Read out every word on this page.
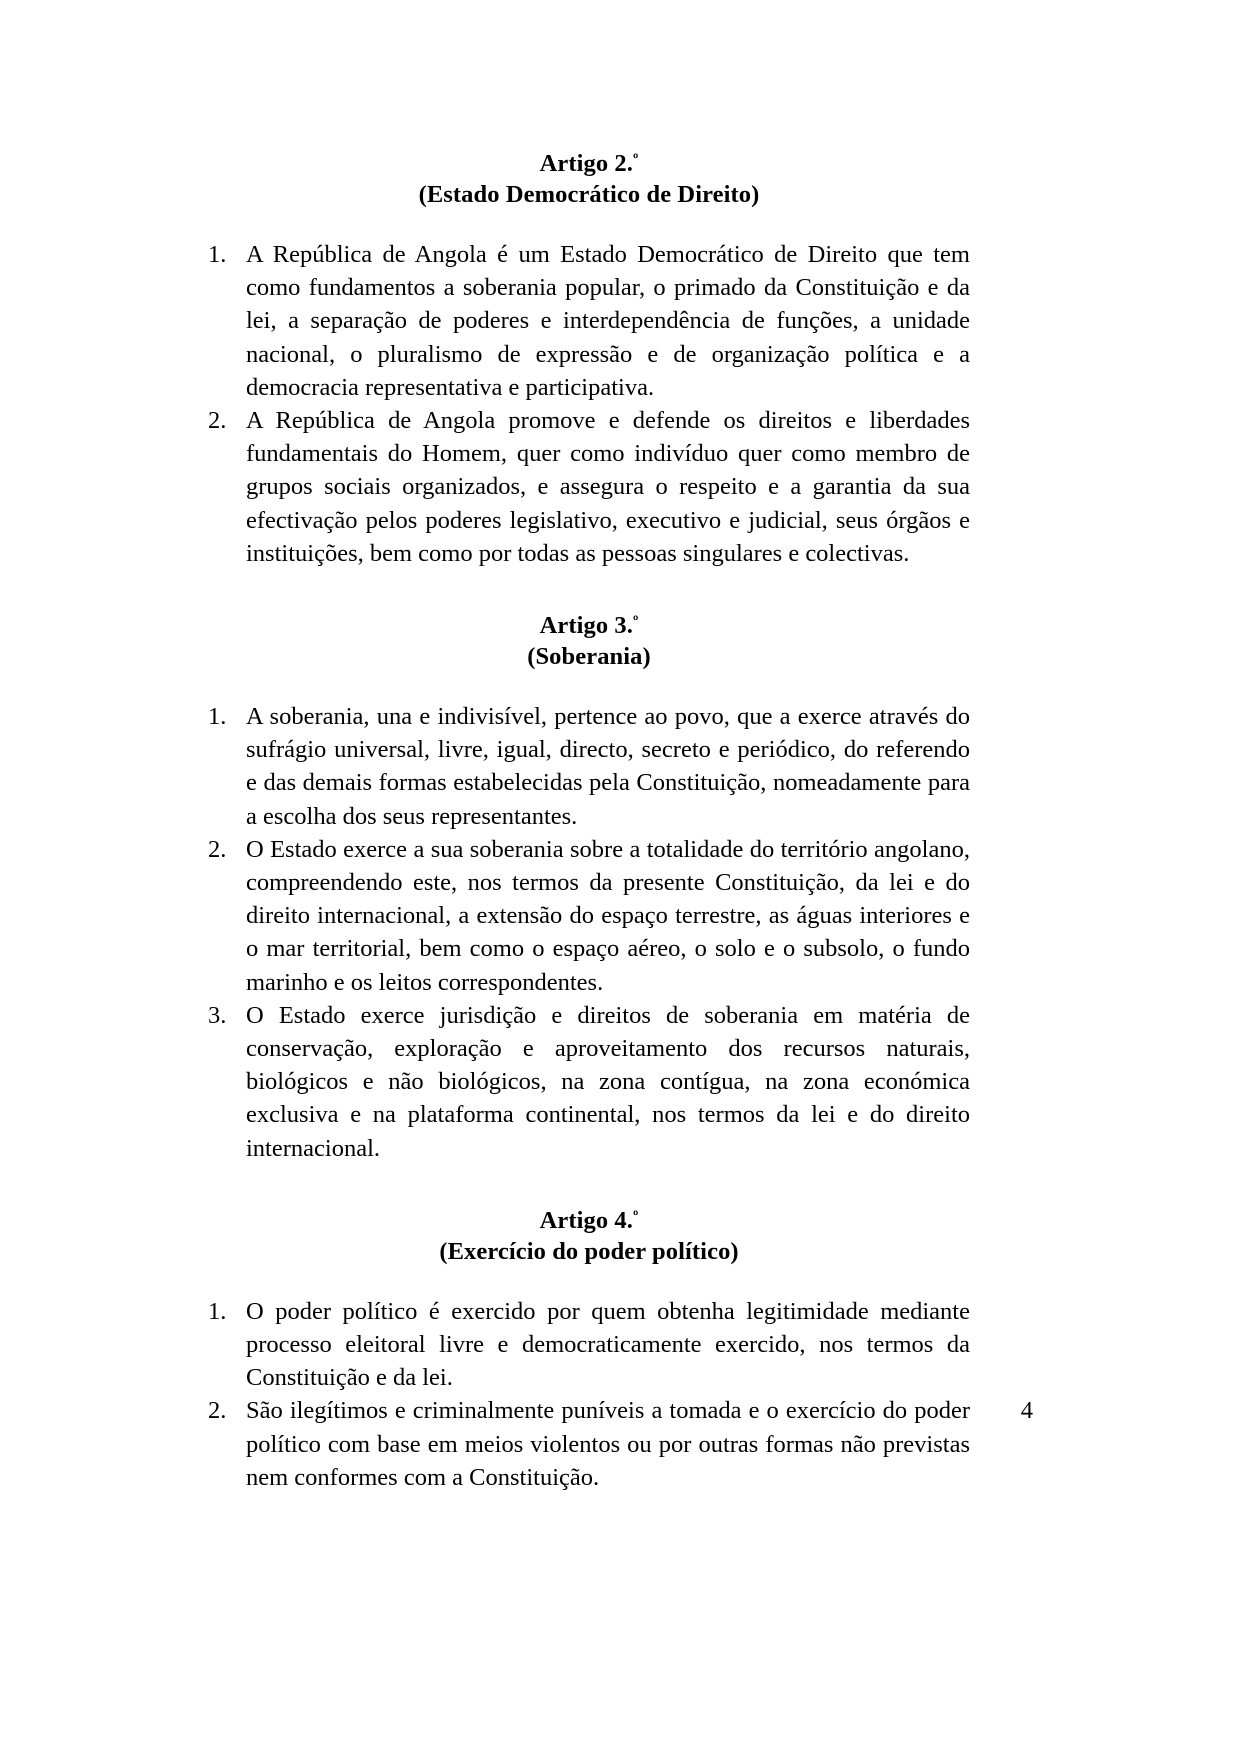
Artigo 2.$^º$
(Estado Democrático de Direito)
1. A República de Angola é um Estado Democrático de Direito que tem como fundamentos a soberania popular, o primado da Constituição e da lei, a separação de poderes e interdependência de funções, a unidade nacional, o pluralismo de expressão e de organização política e a democracia representativa e participativa.
2. A República de Angola promove e defende os direitos e liberdades fundamentais do Homem, quer como indivíduo quer como membro de grupos sociais organizados, e assegura o respeito e a garantia da sua efectivação pelos poderes legislativo, executivo e judicial, seus órgãos e instituições, bem como por todas as pessoas singulares e colectivas.
Artigo 3.$^º$
(Soberania)
1. A soberania, una e indivisível, pertence ao povo, que a exerce através do sufrágio universal, livre, igual, directo, secreto e periódico, do referendo e das demais formas estabelecidas pela Constituição, nomeadamente para a escolha dos seus representantes.
2. O Estado exerce a sua soberania sobre a totalidade do território angolano, compreendendo este, nos termos da presente Constituição, da lei e do direito internacional, a extensão do espaço terrestre, as águas interiores e o mar territorial, bem como o espaço aéreo, o solo e o subsolo, o fundo marinho e os leitos correspondentes.
3. O Estado exerce jurisdição e direitos de soberania em matéria de conservação, exploração e aproveitamento dos recursos naturais, biológicos e não biológicos, na zona contígua, na zona económica exclusiva e na plataforma continental, nos termos da lei e do direito internacional.
Artigo 4.$^º$
(Exercício do poder político)
1. O poder político é exercido por quem obtenha legitimidade mediante processo eleitoral livre e democraticamente exercido, nos termos da Constituição e da lei.
2. São ilegítimos e criminalmente puníveis a tomada e o exercício do poder político com base em meios violentos ou por outras formas não previstas nem conformes com a Constituição.
4
